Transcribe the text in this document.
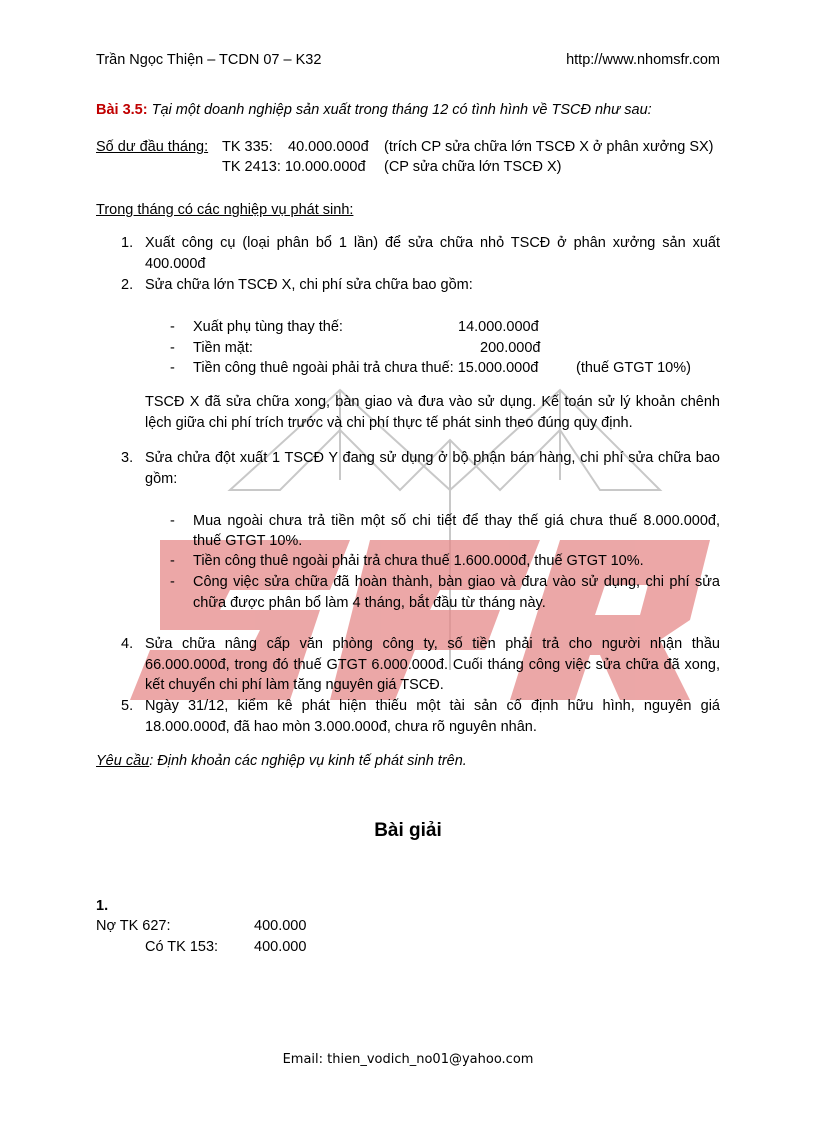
Trần Ngọc Thiện – TCDN 07 – K32	http://www.nhomsfr.com
Bài 3.5: Tại một doanh nghiệp sản xuất trong tháng 12 có tình hình về TSCĐ như sau:
Số dư đầu tháng: TK 335: 40.000.000đ (trích CP sửa chữa lớn TSCĐ X ở phân xưởng SX)
TK 2413: 10.000.000đ (CP sửa chữa lớn TSCĐ X)
Trong tháng có các nghiệp vụ phát sinh:
1. Xuất công cụ (loại phân bổ 1 lần) để sửa chữa nhỏ TSCĐ ở phân xưởng sản xuất
400.000đ
2. Sửa chữa lớn TSCĐ X, chi phí sửa chữa bao gồm:
- Xuất phụ tùng thay thế:	14.000.000đ
- Tiền mặt:	200.000đ
- Tiền công thuê ngoài phải trả chưa thuế: 15.000.000đ	(thuế GTGT 10%)
TSCĐ X đã sửa chữa xong, bàn giao và đưa vào sử dụng. Kế toán sử lý khoản chênh
lệch giữa chi phí trích trước và chi phí thực tế phát sinh theo đúng quy định.
3. Sửa chửa đột xuất 1 TSCĐ Y đang sử dụng ở bộ phận bán hàng, chi phí sửa chữa bao
gồm:
- Mua ngoài chưa trả tiền một số chi tiết để thay thế giá chưa thuế 8.000.000đ,
thuế GTGT 10%.
- Tiền công thuê ngoài phải trả chưa thuế 1.600.000đ, thuế GTGT 10%.
- Công việc sửa chữa đã hoàn thành, bàn giao và đưa vào sử dụng, chi phí sửa
chữa được phân bổ làm 4 tháng, bắt đầu từ tháng này.
4. Sửa chữa nâng cấp văn phòng công ty, số tiền phải trả cho người nhận thầu
66.000.000đ, trong đó thuế GTGT 6.000.000đ. Cuối tháng công việc sửa chữa đã xong,
kết chuyển chi phí làm tăng nguyên giá TSCĐ.
5. Ngày 31/12, kiểm kê phát hiện thiếu một tài sản cố định hữu hình, nguyên giá
18.000.000đ, đã hao mòn 3.000.000đ, chưa rõ nguyên nhân.
Yêu cầu: Định khoản các nghiệp vụ kinh tế phát sinh trên.
Bài giải
1.
Nợ TK 627:	400.000
Có TK 153: 400.000
Email: thien_vodich_no01@yahoo.com
